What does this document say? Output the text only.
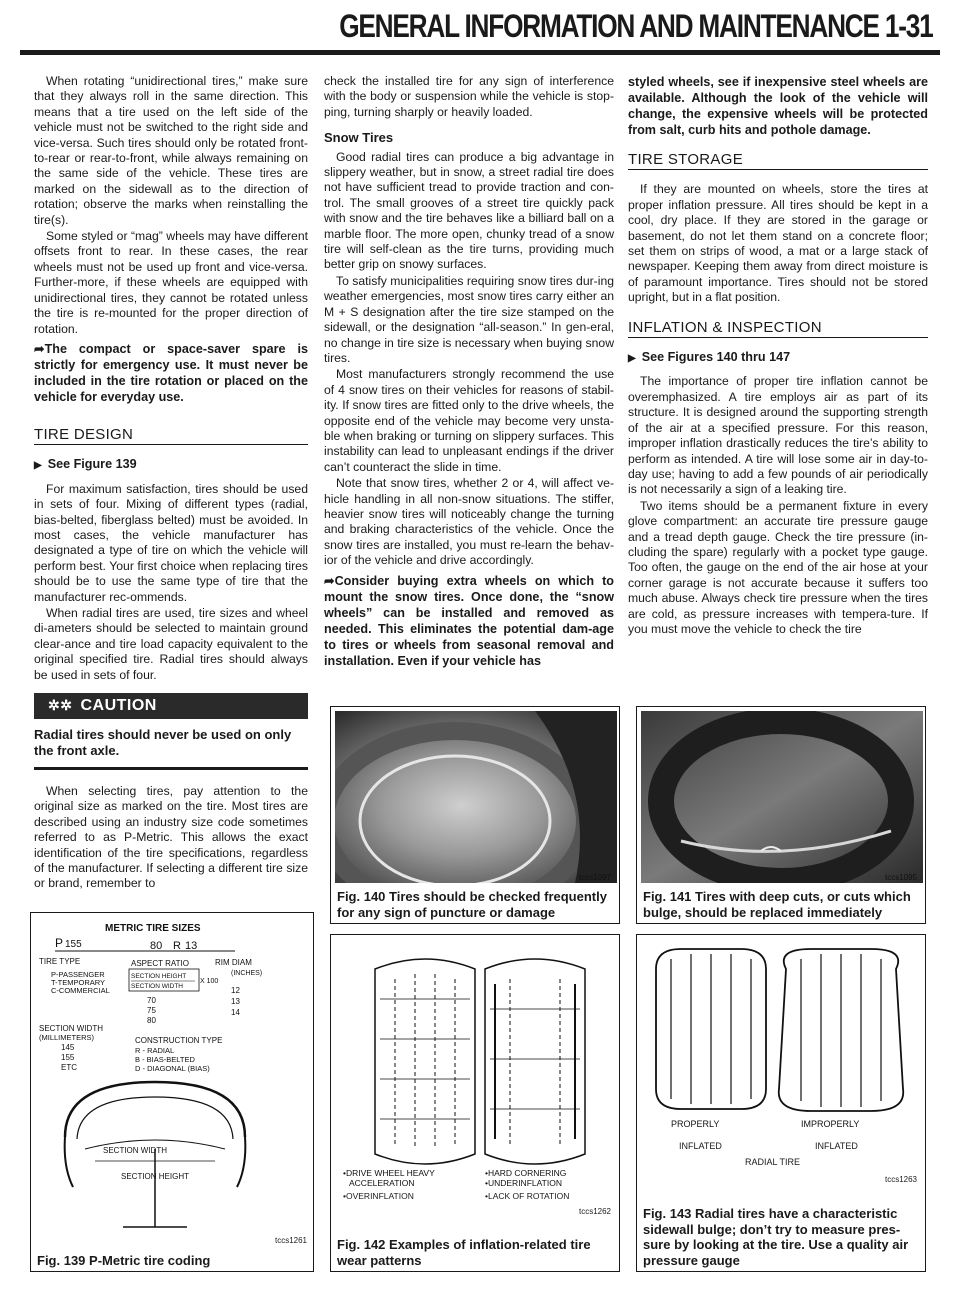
GENERAL INFORMATION AND MAINTENANCE 1-31

When rotating “unidirectional tires,” make sure that they always roll in the same direction. This means that a tire used on the left side of the vehicle must not be switched to the right side and vice-versa. Such tires should only be rotated front-to-rear or rear-to-front, while always remaining on the same side of the vehicle. These tires are marked on the sidewall as to the direction of rotation; observe the marks when reinstalling the tire(s).

Some styled or “mag” wheels may have different offsets front to rear. In these cases, the rear wheels must not be used up front and vice-versa. Further-more, if these wheels are equipped with unidirectional tires, they cannot be rotated unless the tire is re-mounted for the proper direction of rotation.

➦The compact or space-saver spare is strictly for emergency use. It must never be included in the tire rotation or placed on the vehicle for everyday use.

TIRE DESIGN
▶ See Figure 139

For maximum satisfaction, tires should be used in sets of four. Mixing of different types (radial, bias-belted, fiberglass belted) must be avoided. In most cases, the vehicle manufacturer has designated a type of tire on which the vehicle will perform best. Your first choice when replacing tires should be to use the same type of tire that the manufacturer rec-ommends.

When radial tires are used, tire sizes and wheel di-ameters should be selected to maintain ground clear-ance and tire load capacity equivalent to the original specified tire. Radial tires should always be used in sets of four.

✲✲ CAUTION
Radial tires should never be used on only the front axle.

When selecting tires, pay attention to the original size as marked on the tire. Most tires are described using an industry size code sometimes referred to as P-Metric. This allows the exact identification of the tire specifications, regardless of the manufacturer. If selecting a different tire size or brand, remember to

check the installed tire for any sign of interference with the body or suspension while the vehicle is stop-ping, turning sharply or heavily loaded.

Snow Tires

Good radial tires can produce a big advantage in slippery weather, but in snow, a street radial tire does not have sufficient tread to provide traction and con-trol. The small grooves of a street tire quickly pack with snow and the tire behaves like a billiard ball on a marble floor. The more open, chunky tread of a snow tire will self-clean as the tire turns, providing much better grip on snowy surfaces.

To satisfy municipalities requiring snow tires dur-ing weather emergencies, most snow tires carry either an M + S designation after the tire size stamped on the sidewall, or the designation “all-season.” In gen-eral, no change in tire size is necessary when buying snow tires.

Most manufacturers strongly recommend the use of 4 snow tires on their vehicles for reasons of stabil-ity. If snow tires are fitted only to the drive wheels, the opposite end of the vehicle may become very unsta-ble when braking or turning on slippery surfaces. This instability can lead to unpleasant endings if the driver can’t counteract the slide in time.

Note that snow tires, whether 2 or 4, will affect ve-hicle handling in all non-snow situations. The stiffer, heavier snow tires will noticeably change the turning and braking characteristics of the vehicle. Once the snow tires are installed, you must re-learn the behav-ior of the vehicle and drive accordingly.

➦Consider buying extra wheels on which to mount the snow tires. Once done, the “snow wheels” can be installed and removed as needed. This eliminates the potential dam-age to tires or wheels from seasonal removal and installation. Even if your vehicle has

styled wheels, see if inexpensive steel wheels are available. Although the look of the vehicle will change, the expensive wheels will be protected from salt, curb hits and pothole damage.

TIRE STORAGE

If they are mounted on wheels, store the tires at proper inflation pressure. All tires should be kept in a cool, dry place. If they are stored in the garage or basement, do not let them stand on a concrete floor; set them on strips of wood, a mat or a large stack of newspaper. Keeping them away from direct moisture is of paramount importance. Tires should not be stored upright, but in a flat position.

INFLATION & INSPECTION
▶ See Figures 140 thru 147

The importance of proper tire inflation cannot be overemphasized. A tire employs air as part of its structure. It is designed around the supporting strength of the air at a specified pressure. For this reason, improper inflation drastically reduces the tire’s ability to perform as intended. A tire will lose some air in day-to-day use; having to add a few pounds of air periodically is not necessarily a sign of a leaking tire.

Two items should be a permanent fixture in every glove compartment: an accurate tire pressure gauge and a tread depth gauge. Check the tire pressure (in-cluding the spare) regularly with a pocket type gauge. Too often, the gauge on the end of the air hose at your corner garage is not accurate because it suffers too much abuse. Always check tire pressure when the tires are cold, as pressure increases with tempera-ture. If you must move the vehicle to check the tire

METRIC TIRE SIZES
P 155	80 R 13
TIRE TYPE	ASPECT RATIO	RIM DIAM
(INCHES)
P-PASSENGER
T-TEMPORARY
C-COMMERCIAL
SECTION HEIGHT
SECTION WIDTH
X 100
70
75
80
12
13
14
SECTION WIDTH
(MILLIMETERS)
145
155
ETC
CONSTRUCTION TYPE
R - RADIAL
B - BIAS-BELTED
D - DIAGONAL (BIAS)
SECTION WIDTH
SECTION HEIGHT
tccs1261
Fig. 139 P-Metric tire coding
tccs1097
Fig. 140 Tires should be checked frequently for any sign of puncture or damage
tccs1095
Fig. 141 Tires with deep cuts, or cuts which bulge, should be replaced immediately
•DRIVE WHEEL HEAVY
ACCELERATION
•HARD CORNERING
•UNDERINFLATION
•OVERINFLATION	•LACK OF ROTATION
tccs1262
Fig. 142 Examples of inflation-related tire wear patterns
PROPERLY	IMPROPERLY
INFLATED	INFLATED
RADIAL TIRE
tccs1263
Fig. 143 Radial tires have a characteristic sidewall bulge; don’t try to measure pres-sure by looking at the tire. Use a quality air pressure gauge
